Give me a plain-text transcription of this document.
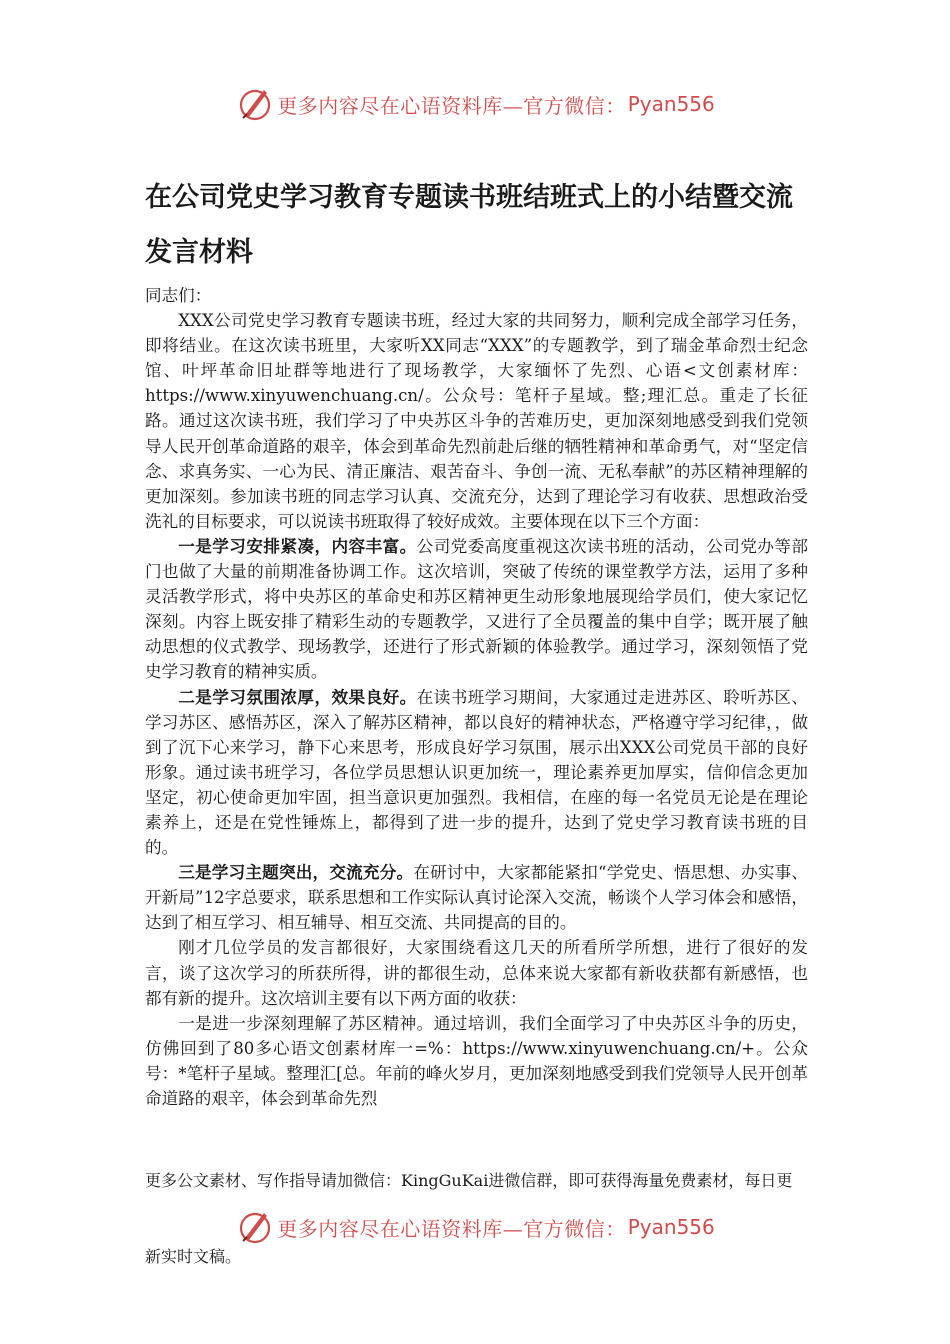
更多内容尽在心语资料库—官方微信： Pyan556
在公司党史学习教育专题读书班结班式上的小结暨交流发言材料

同志们：

XXX公司党史学习教育专题读书班，经过大家的共同努力，顺利完成全部学习任务，即将结业。在这次读书班里，大家听XX同志“XXX”的专题教学，到了瑞金革命烈士纪念馆、叶坪革命旧址群等地进行了现场教学，大家缅怀了先烈、心语<文创素材库：https://www.xinyuwenchuang.cn/。公众号：笔杆子星域。整;理汇总。重走了长征路。通过这次读书班，我们学习了中央苏区斗争的苦难历史，更加深刻地感受到我们党领导人民开创革命道路的艰辛，体会到革命先烈前赴后继的牺牲精神和革命勇气，对“坚定信念、求真务实、一心为民、清正廉洁、艰苦奋斗、争创一流、无私奉献”的苏区精神理解的更加深刻。参加读书班的同志学习认真、交流充分，达到了理论学习有收获、思想政治受洗礼的目标要求，可以说读书班取得了较好成效。主要体现在以下三个方面：

一是学习安排紧凑，内容丰富。公司党委高度重视这次读书班的活动，公司党办等部门也做了大量的前期准备协调工作。这次培训，突破了传统的课堂教学方法，运用了多种灵活教学形式，将中央苏区的革命史和苏区精神更生动形象地展现给学员们，使大家记忆深刻。内容上既安排了精彩生动的专题教学，又进行了全员覆盖的集中自学；既开展了触动思想的仪式教学、现场教学，还进行了形式新颖的体验教学。通过学习，深刻领悟了党史学习教育的精神实质。

二是学习氛围浓厚，效果良好。在读书班学习期间，大家通过走进苏区、聆听苏区、学习苏区、感悟苏区，深入了解苏区精神，都以良好的精神状态，严格遵守学习纪律，，做到了沉下心来学习，静下心来思考，形成良好学习氛围，展示出XXX公司党员干部的良好形象。通过读书班学习，各位学员思想认识更加统一，理论素养更加厚实，信仰信念更加坚定，初心使命更加牢固，担当意识更加强烈。我相信，在座的每一名党员无论是在理论素养上，还是在党性锤炼上，都得到了进一步的提升，达到了党史学习教育读书班的目的。

三是学习主题突出，交流充分。在研讨中，大家都能紧扣“学党史、悟思想、办实事、开新局”12字总要求，联系思想和工作实际认真讨论深入交流，畅谈个人学习体会和感悟，达到了相互学习、相互辅导、相互交流、共同提高的目的。

刚才几位学员的发言都很好，大家围绕看这几天的所看所学所想，进行了很好的发言，谈了这次学习的所获所得，讲的都很生动，总体来说大家都有新收获都有新感悟，也都有新的提升。这次培训主要有以下两方面的收获：

一是进一步深刻理解了苏区精神。通过培训，我们全面学习了中央苏区斗争的历史，仿佛回到了80多心语文创素材库一=%：https://www.xinyuwenchuang.cn/+。公众号：*笔杆子星域。整理汇[总。年前的峰火岁月，更加深刻地感受到我们党领导人民开创革命道路的艰辛，体会到革命先烈

更多公文素材、写作指导请加微信：KingGuKai进微信群，即可获得海量免费素材，每日更
更多内容尽在心语资料库—官方微信： Pyan556
新实时文稿。
